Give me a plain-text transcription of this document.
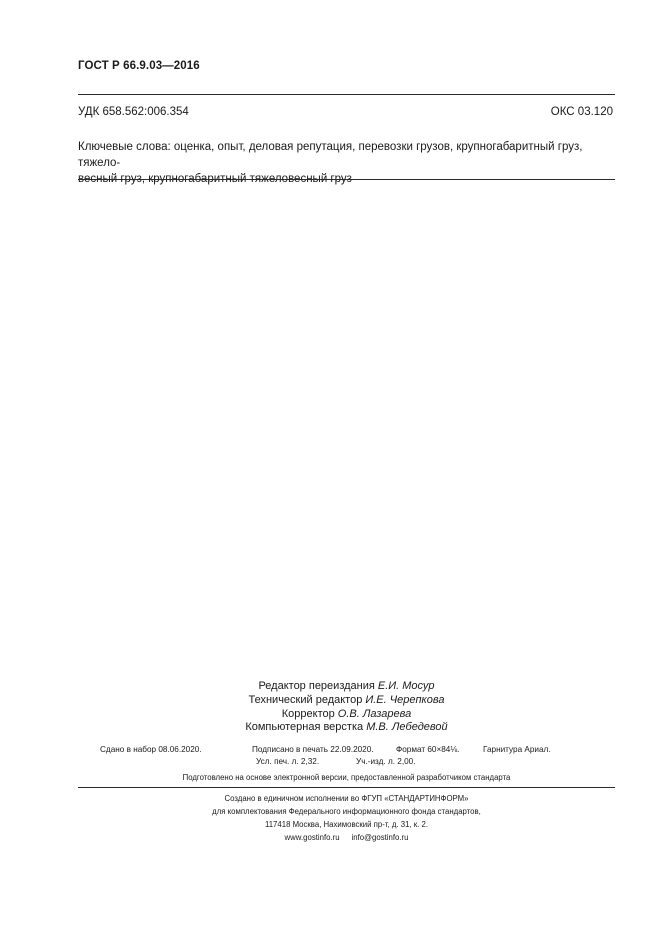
ГОСТ Р 66.9.03—2016
УДК 658.562:006.354	ОКС 03.120
Ключевые слова: оценка, опыт, деловая репутация, перевозки грузов, крупногабаритный груз, тяжело-
весный груз, крупногабаритный тяжеловесный груз
Редактор переиздания Е.И. Мосур
Технический редактор И.Е. Черепкова
Корректор О.В. Лазарева
Компьютерная верстка М.В. Лебедевой
Сдано в набор 08.06.2020.	Подписано в печать 22.09.2020.	Формат 60×84⅛.	Гарнитура Ариал.
Усл. печ. л. 2,32.	Уч.-изд. л. 2,00.
Подготовлено на основе электронной версии, предоставленной разработчиком стандарта
Создано в единичном исполнении во ФГУП «СТАНДАРТИНФОРМ»
для комплектования Федерального информационного фонда стандартов,
117418 Москва, Нахимовский пр-т, д. 31, к. 2.
www.gostinfo.ru info@gostinfo.ru
